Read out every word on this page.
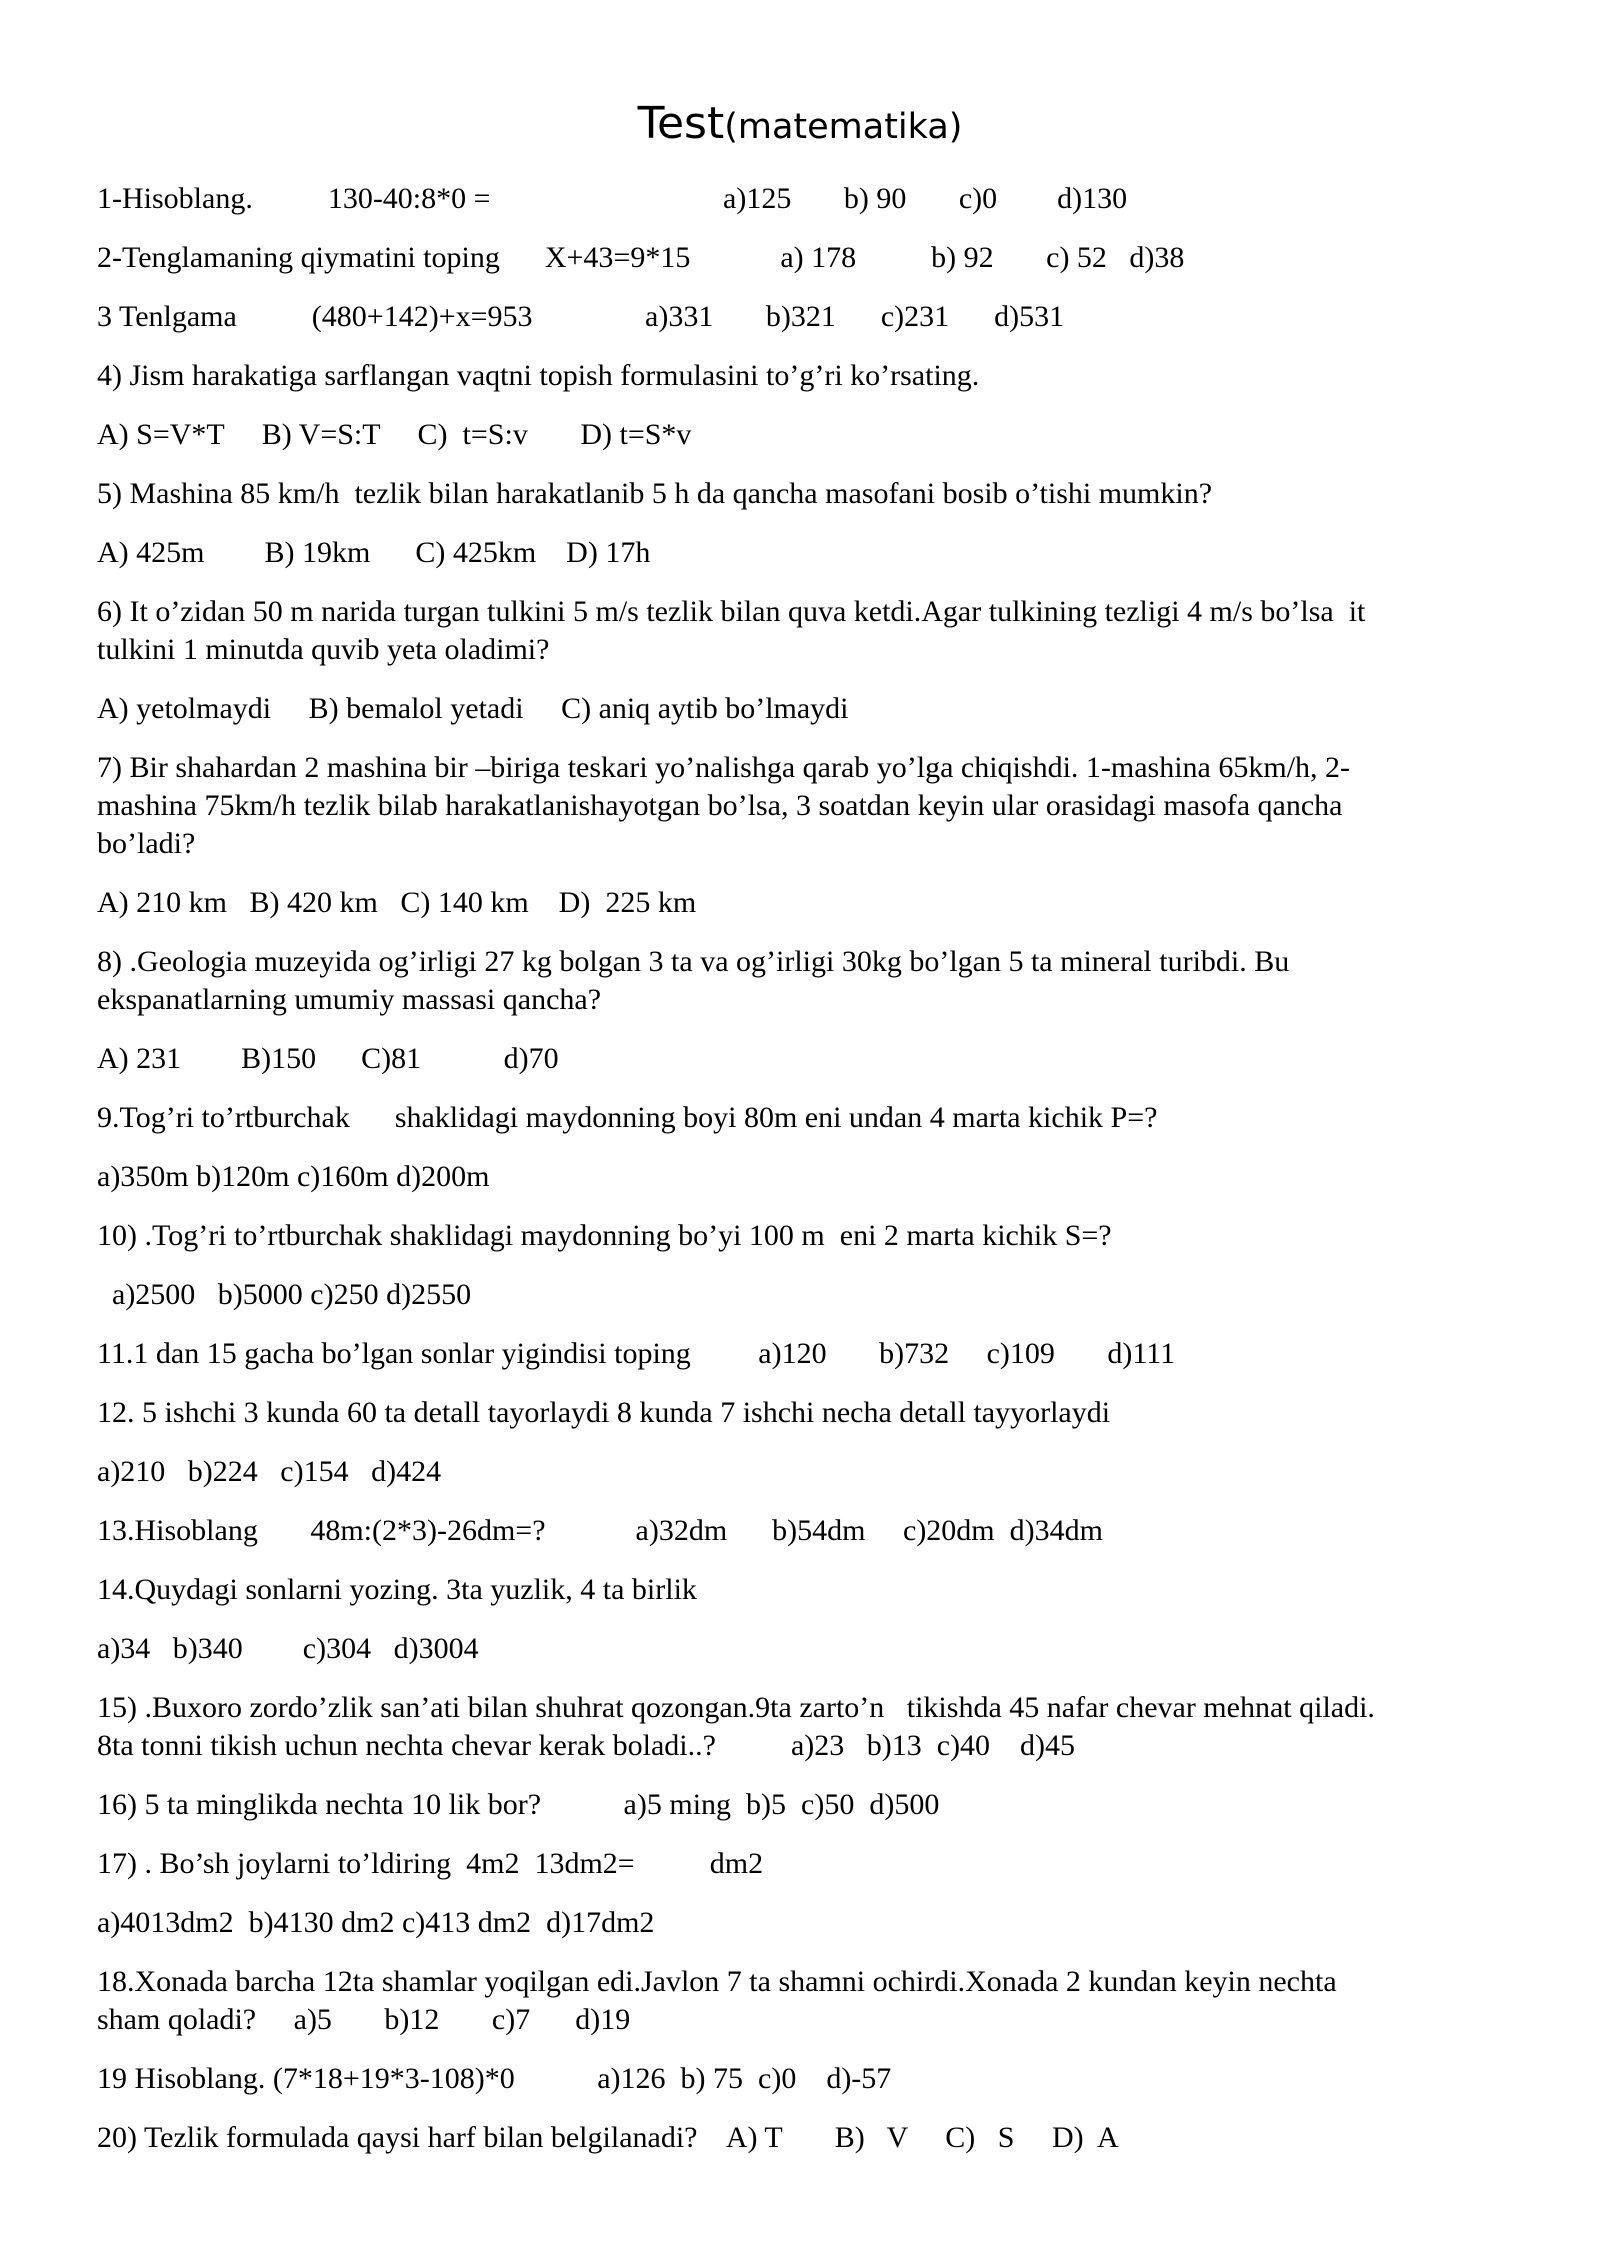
Test(matematika)
1-Hisoblang.          130-40:8*0 =                               a)125       b) 90       c)0        d)130
2-Tenglamaning qiymatini toping      X+43=9*15            a) 178          b) 92       c) 52   d)38
3 Tenlgama          (480+142)+x=953               a)331       b)321      c)231      d)531
4) Jism harakatiga sarflangan vaqtni topish formulasini to’g’ri ko’rsating.
A) S=V*T     B) V=S:T     C)  t=S:v       D) t=S*v
5) Mashina 85 km/h  tezlik bilan harakatlanib 5 h da qancha masofani bosib o’tishi mumkin?
A) 425m        B) 19km      C) 425km    D) 17h
6) It o’zidan 50 m narida turgan tulkini 5 m/s tezlik bilan quva ketdi.Agar tulkining tezligi 4 m/s bo’lsa  it
tulkini 1 minutda quvib yeta oladimi?
A) yetolmaydi     B) bemalol yetadi     C) aniq aytib bo’lmaydi
7) Bir shahardan 2 mashina bir –biriga teskari yo’nalishga qarab yo’lga chiqishdi. 1-mashina 65km/h, 2-
mashina 75km/h tezlik bilab harakatlanishayotgan bo’lsa, 3 soatdan keyin ular orasidagi masofa qancha
bo’ladi?
A) 210 km   B) 420 km   C) 140 km    D)  225 km
8) .Geologia muzeyida og’irligi 27 kg bolgan 3 ta va og’irligi 30kg bo’lgan 5 ta mineral turibdi. Bu
ekspanatlarning umumiy massasi qancha?
A) 231        B)150      C)81           d)70
9.Tog’ri to’rtburchak      shaklidagi maydonning boyi 80m eni undan 4 marta kichik P=?
a)350m b)120m c)160m d)200m
10) .Tog’ri to’rtburchak shaklidagi maydonning bo’yi 100 m  eni 2 marta kichik S=?
a)2500   b)5000 c)250 d)2550
11.1 dan 15 gacha bo’lgan sonlar yigindisi toping         a)120       b)732     c)109       d)111
12. 5 ishchi 3 kunda 60 ta detall tayorlaydi 8 kunda 7 ishchi necha detall tayyorlaydi
a)210   b)224   c)154   d)424
13.Hisoblang       48m:(2*3)-26dm=?            a)32dm      b)54dm     c)20dm  d)34dm
14.Quydagi sonlarni yozing. 3ta yuzlik, 4 ta birlik
a)34   b)340        c)304   d)3004
15) .Buxoro zordo’zlik san’ati bilan shuhrat qozongan.9ta zarto’n   tikishda 45 nafar chevar mehnat qiladi.
8ta tonni tikish uchun nechta chevar kerak boladi..?          a)23   b)13  c)40    d)45
16) 5 ta minglikda nechta 10 lik bor?           a)5 ming  b)5  c)50  d)500
17) . Bo’sh joylarni to’ldiring  4m2  13dm2=          dm2
a)4013dm2  b)4130 dm2 c)413 dm2  d)17dm2
18.Xonada barcha 12ta shamlar yoqilgan edi.Javlon 7 ta shamni ochirdi.Xonada 2 kundan keyin nechta
sham qoladi?     a)5       b)12       c)7      d)19
19 Hisoblang. (7*18+19*3-108)*0           a)126  b) 75  c)0    d)-57
20) Tezlik formulada qaysi harf bilan belgilanadi?    A) T       B)   V     C)   S     D)  A
